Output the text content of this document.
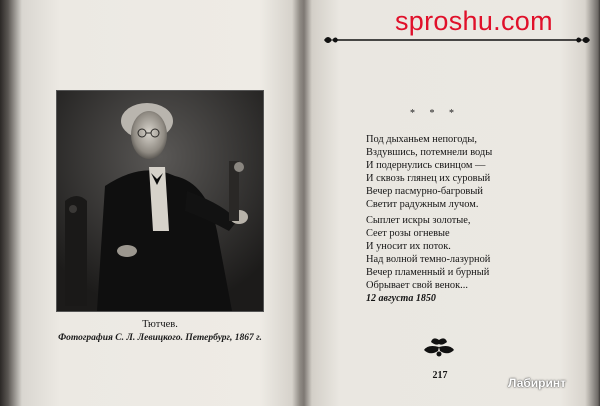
Тютчев.
Фотография С. Л. Левицкого. Петербург, 1867 г.
sproshu.com
* * *
Под дыханьем непогоды,
Вздувшись, потемнели воды
И подернулись свинцом —
И сквозь глянец их суровый
Вечер пасмурно-багровый
Светит радужным лучом.
Сыплет искры золотые,
Сеет розы огневые
И уносит их поток.
Над волной темно-лазурной
Вечер пламенный и бурный
Обрывает свой венок...
12 августа 1850
217
Лабиринт
